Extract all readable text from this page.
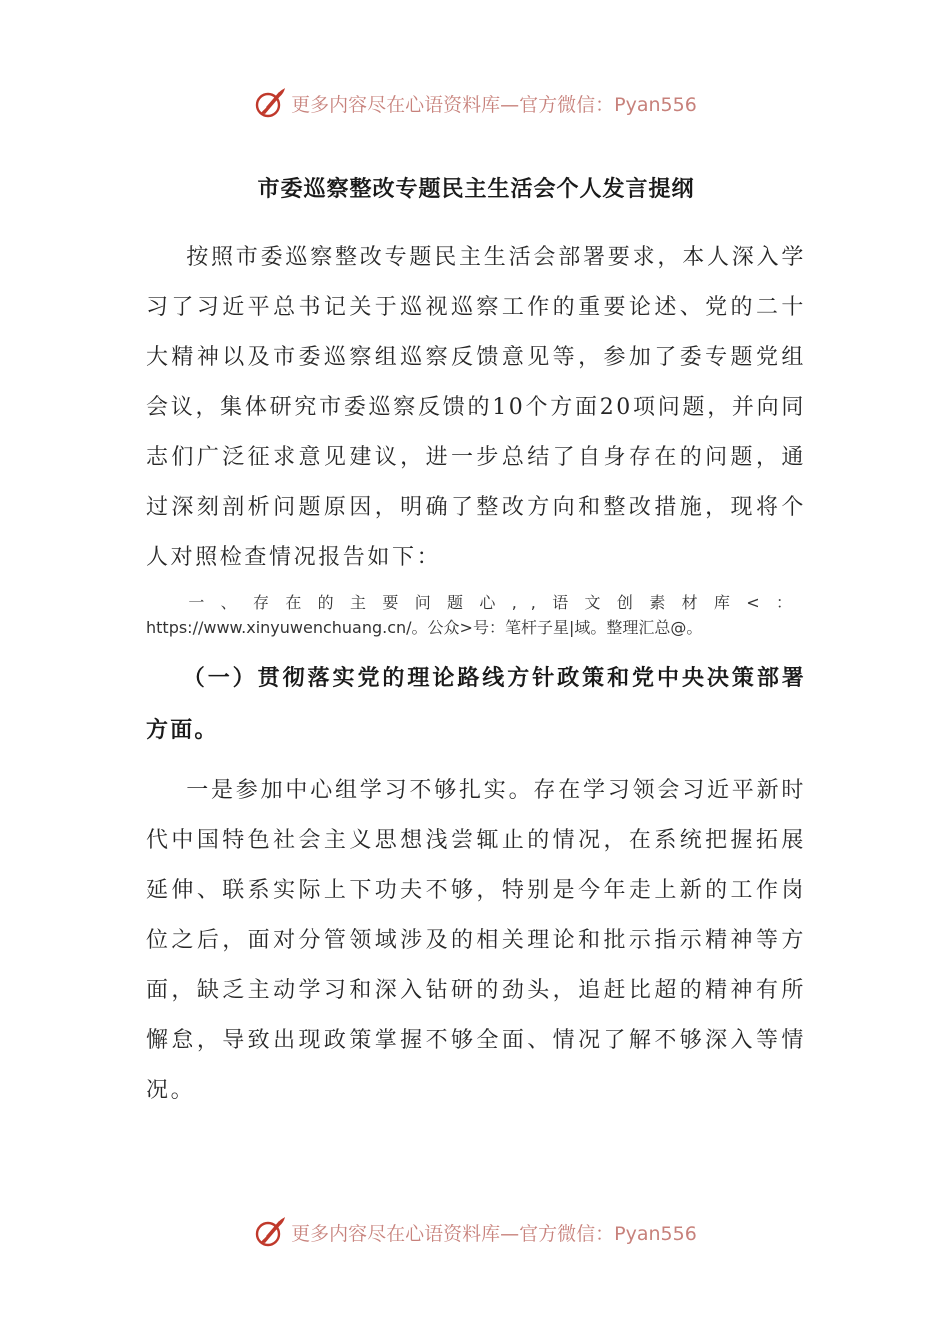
更多内容尽在心语资料库—官方微信：Pyan556
市委巡察整改专题民主生活会个人发言提纲
按照市委巡察整改专题民主生活会部署要求，本人深入学习了习近平总书记关于巡视巡察工作的重要论述、党的二十大精神以及市委巡察组巡察反馈意见等，参加了委专题党组会议，集体研究市委巡察反馈的10个方面20项问题，并向同志们广泛征求意见建议，进一步总结了自身存在的问题，通过深刻剖析问题原因，明确了整改方向和整改措施，现将个人对照检查情况报告如下：
一、存在的主要问题心,,语文创素材库<： https://www.xinyuwenchuang.cn/。公众>号：笔杆子星|域。整理汇总@。
（一）贯彻落实党的理论路线方针政策和党中央决策部署方面。
一是参加中心组学习不够扎实。存在学习领会习近平新时代中国特色社会主义思想浅尝辄止的情况，在系统把握拓展延伸、联系实际上下功夫不够，特别是今年走上新的工作岗位之后，面对分管领域涉及的相关理论和批示指示精神等方面，缺乏主动学习和深入钻研的劲头，追赶比超的精神有所懈怠，导致出现政策掌握不够全面、情况了解不够深入等情况。
更多内容尽在心语资料库—官方微信：Pyan556
